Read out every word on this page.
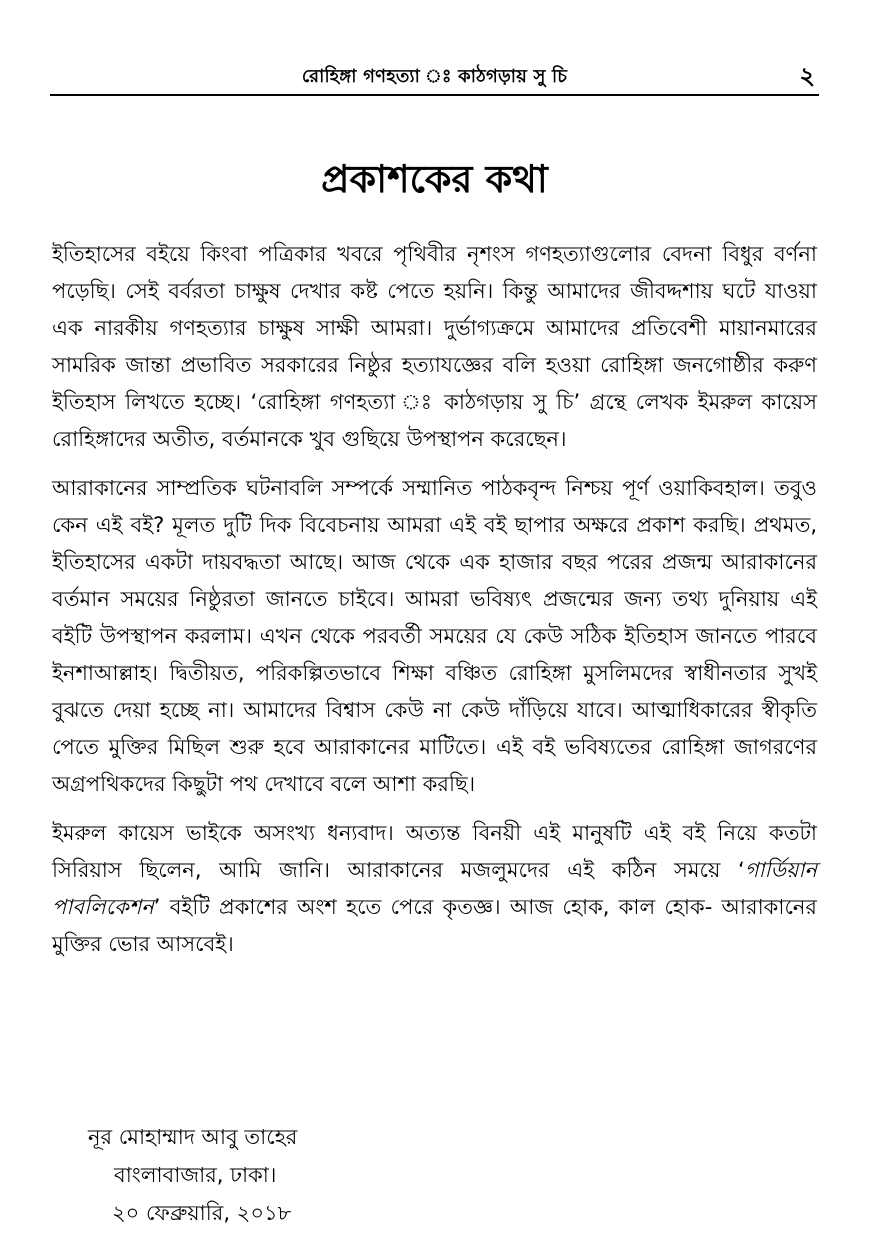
রোহিঙ্গা গণহত্যা ঃ কাঠগড়ায় সু চি	২
প্রকাশকের কথা

ইতিহাসের বইয়ে কিংবা পত্রিকার খবরে পৃথিবীর নৃশংস গণহত্যাগুলোর বেদনা বিধুর বর্ণনা পড়েছি। সেই বর্বরতা চাক্ষুষ দেখার কষ্ট পেতে হয়নি। কিন্তু আমাদের জীবদ্দশায় ঘটে যাওয়া এক নারকীয় গণহত্যার চাক্ষুষ সাক্ষী আমরা। দুর্ভাগ্যক্রমে আমাদের প্রতিবেশী মায়ানমারের সামরিক জান্তা প্রভাবিত সরকারের নিষ্ঠুর হত্যাযজ্ঞের বলি হওয়া রোহিঙ্গা জনগোষ্ঠীর করুণ ইতিহাস লিখতে হচ্ছে। ‘রোহিঙ্গা গণহত্যা ঃ কাঠগড়ায় সু চি’ গ্রন্থে লেখক ইমরুল কায়েস রোহিঙ্গাদের অতীত, বর্তমানকে খুব গুছিয়ে উপস্থাপন করেছেন।

আরাকানের সাম্প্রতিক ঘটনাবলি সম্পর্কে সম্মানিত পাঠকবৃন্দ নিশ্চয় পূর্ণ ওয়াকিবহাল। তবুও কেন এই বই? মূলত দুটি দিক বিবেচনায় আমরা এই বই ছাপার অক্ষরে প্রকাশ করছি। প্রথমত, ইতিহাসের একটা দায়বদ্ধতা আছে। আজ থেকে এক হাজার বছর পরের প্রজন্ম আরাকানের বর্তমান সময়ের নিষ্ঠুরতা জানতে চাইবে। আমরা ভবিষ্যৎ প্রজন্মের জন্য তথ্য দুনিয়ায় এই বইটি উপস্থাপন করলাম। এখন থেকে পরবর্তী সময়ের যে কেউ সঠিক ইতিহাস জানতে পারবে ইনশাআল্লাহ। দ্বিতীয়ত, পরিকল্পিতভাবে শিক্ষা বঞ্চিত রোহিঙ্গা মুসলিমদের স্বাধীনতার সুখই বুঝতে দেয়া হচ্ছে না। আমাদের বিশ্বাস কেউ না কেউ দাঁড়িয়ে যাবে। আত্মাধিকারের স্বীকৃতি পেতে মুক্তির মিছিল শুরু হবে আরাকানের মাটিতে। এই বই ভবিষ্যতের রোহিঙ্গা জাগরণের অগ্রপথিকদের কিছুটা পথ দেখাবে বলে আশা করছি।

ইমরুল কায়েস ভাইকে অসংখ্য ধন্যবাদ। অত্যন্ত বিনয়ী এই মানুষটি এই বই নিয়ে কতটা সিরিয়াস ছিলেন, আমি জানি। আরাকানের মজলুমদের এই কঠিন সময়ে ‘গার্ডিয়ান পাবলিকেশন’ বইটি প্রকাশের অংশ হতে পেরে কৃতজ্ঞ। আজ হোক, কাল হোক- আরাকানের মুক্তির ভোর আসবেই।

নূর মোহাম্মাদ আবু তাহের
বাংলাবাজার, ঢাকা।
২০ ফেব্রুয়ারি, ২০১৮
